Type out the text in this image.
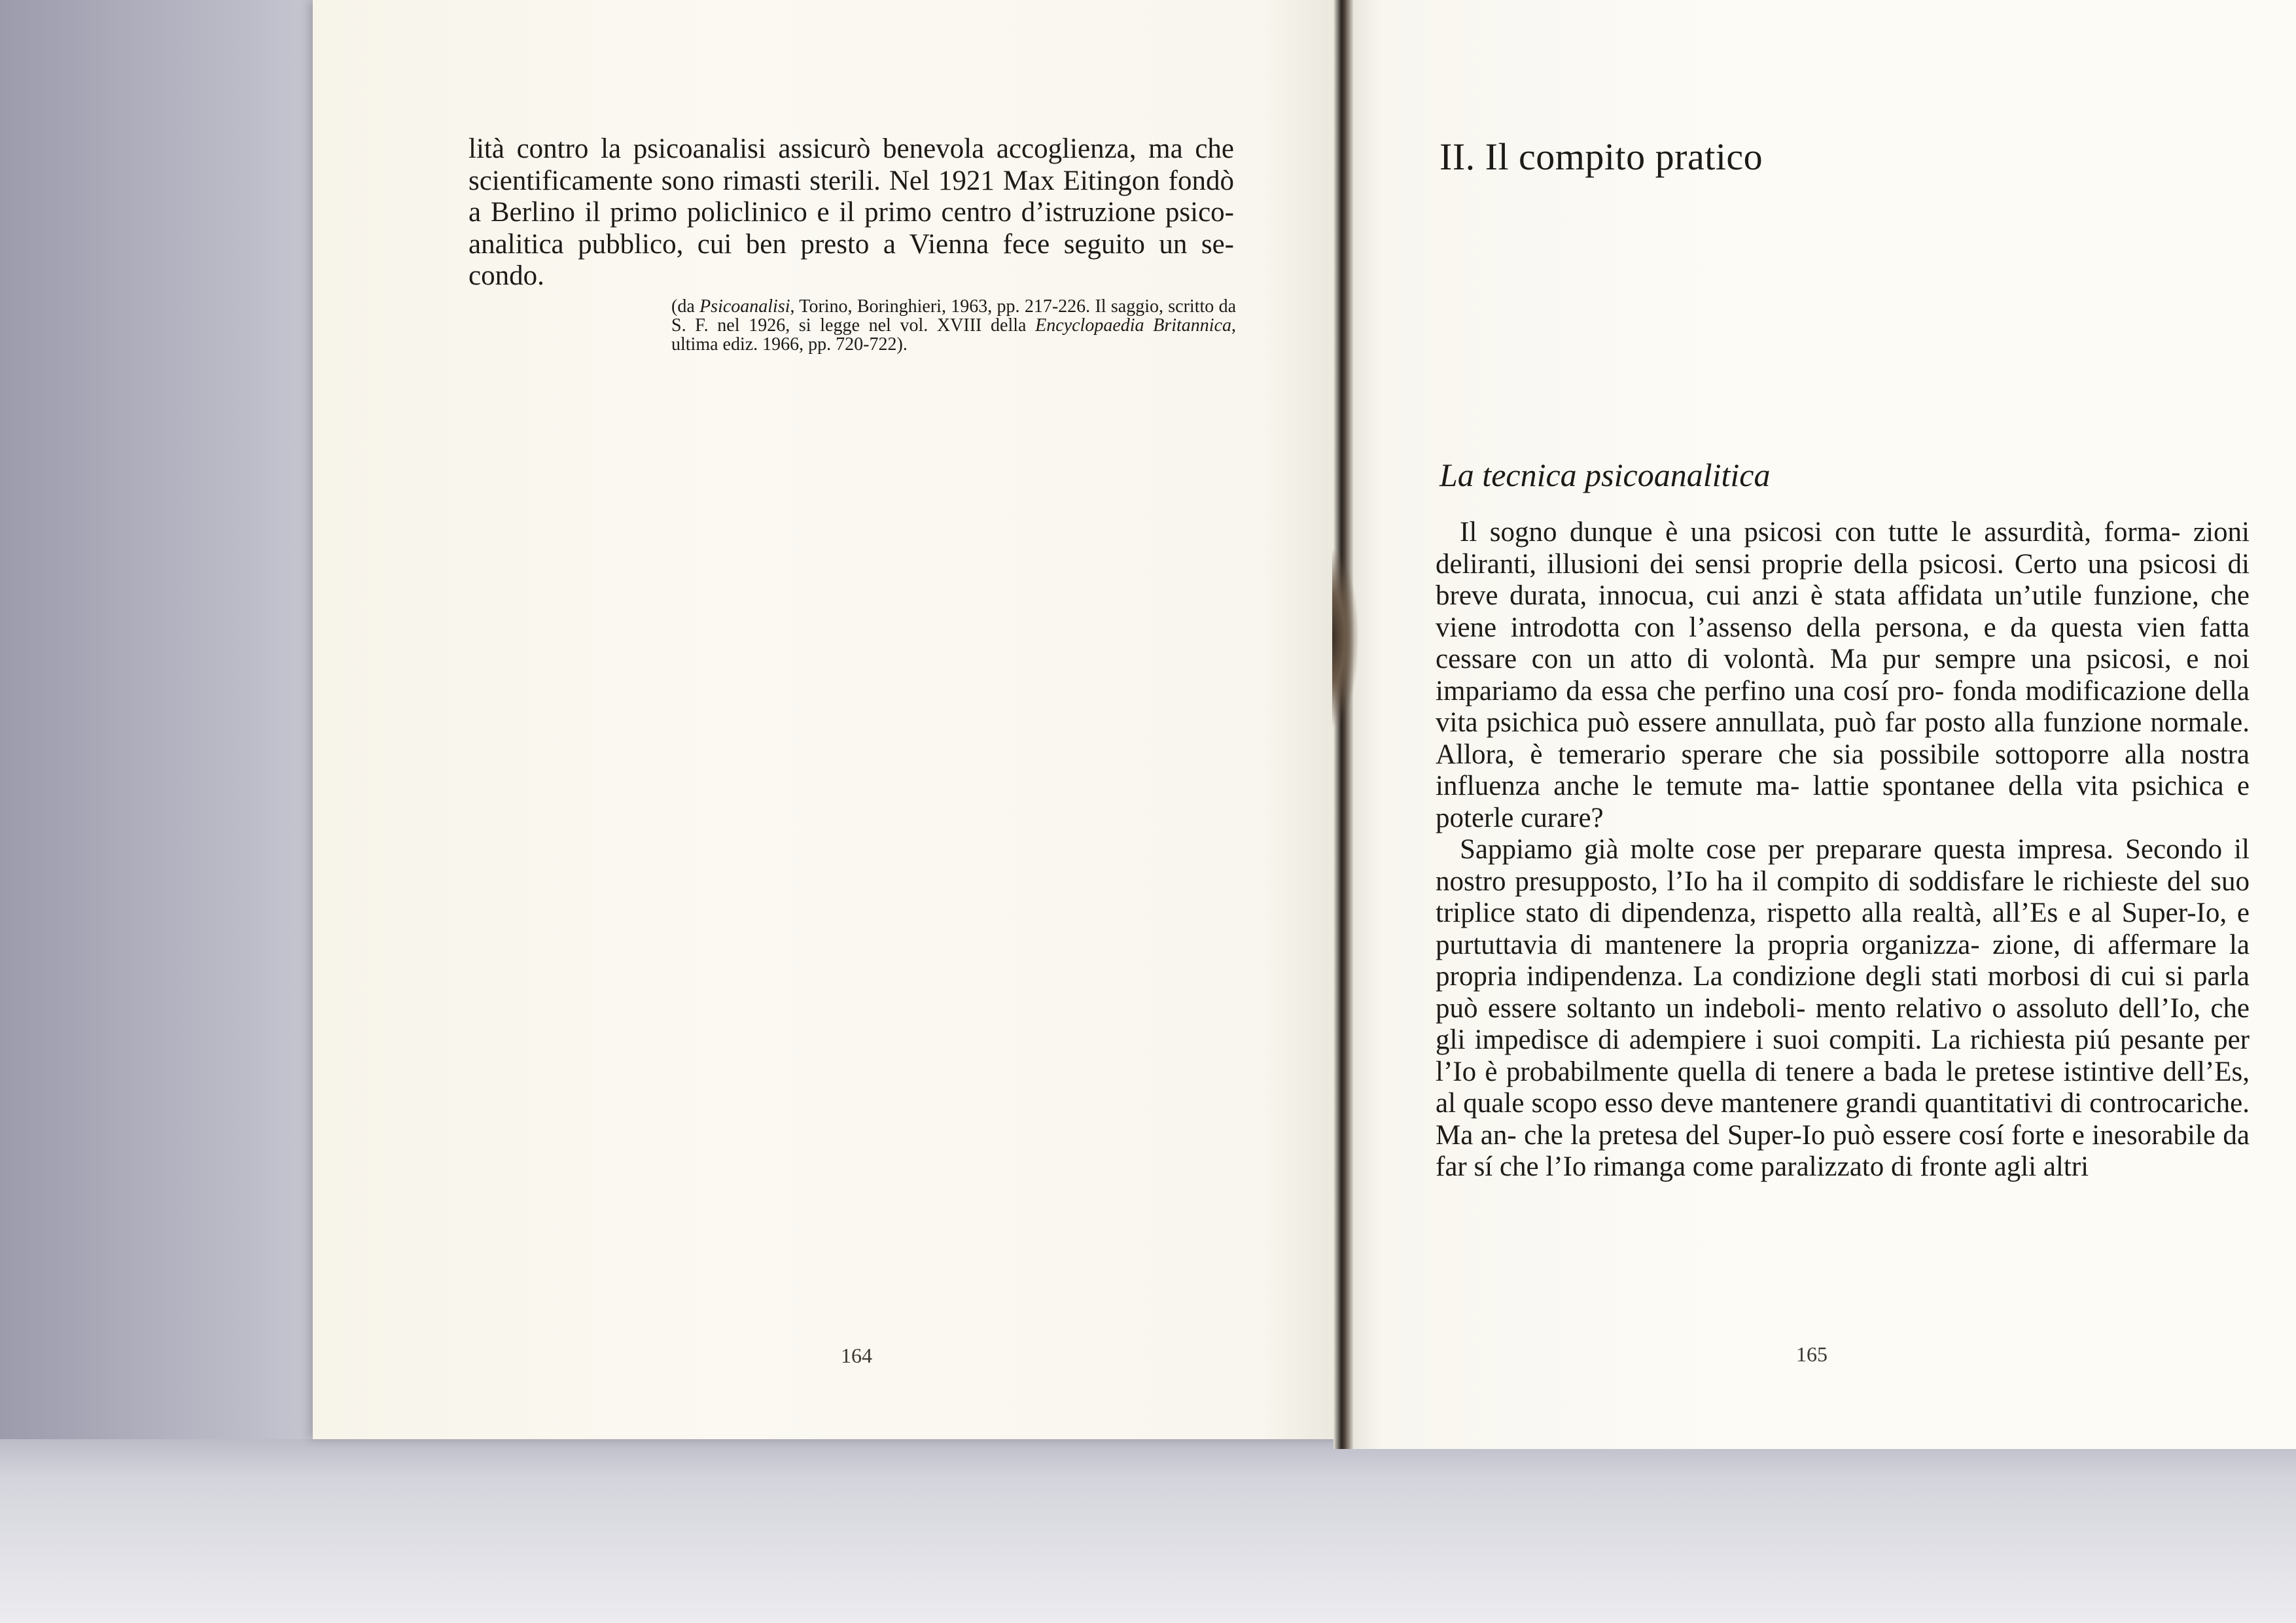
lità contro la psicoanalisi assicurò benevola accoglienza, ma che
scientificamente sono rimasti sterili. Nel 1921 Max Eitingon fondò
a Berlino il primo policlinico e il primo centro d’istruzione psico-
analitica pubblico, cui ben presto a Vienna fece seguito un se-
condo.
(da Psicoanalisi, Torino, Boringhieri, 1963, pp. 217-226. Il saggio, scritto da S. F. nel 1926, si legge nel vol. XVIII della Encyclopaedia Britannica, ultima ediz. 1966, pp. 720-722).
164
II. Il compito pratico
La tecnica psicoanalitica

Il sogno dunque è una psicosi con tutte le assurdità, forma- zioni deliranti, illusioni dei sensi proprie della psicosi. Certo una psicosi di breve durata, innocua, cui anzi è stata affidata un’utile funzione, che viene introdotta con l’assenso della persona, e da questa vien fatta cessare con un atto di volontà. Ma pur sempre una psicosi, e noi impariamo da essa che perfino una cosí pro- fonda modificazione della vita psichica può essere annullata, può far posto alla funzione normale. Allora, è temerario sperare che sia possibile sottoporre alla nostra influenza anche le temute ma- lattie spontanee della vita psichica e poterle curare?

Sappiamo già molte cose per preparare questa impresa. Secondo il nostro presupposto, l’Io ha il compito di soddisfare le richieste del suo triplice stato di dipendenza, rispetto alla realtà, all’Es e al Super-Io, e purtuttavia di mantenere la propria organizza- zione, di affermare la propria indipendenza. La condizione degli stati morbosi di cui si parla può essere soltanto un indeboli- mento relativo o assoluto dell’Io, che gli impedisce di adempiere i suoi compiti. La richiesta piú pesante per l’Io è probabilmente quella di tenere a bada le pretese istintive dell’Es, al quale scopo esso deve mantenere grandi quantitativi di controcariche. Ma an- che la pretesa del Super-Io può essere cosí forte e inesorabile da far sí che l’Io rimanga come paralizzato di fronte agli altri

165
